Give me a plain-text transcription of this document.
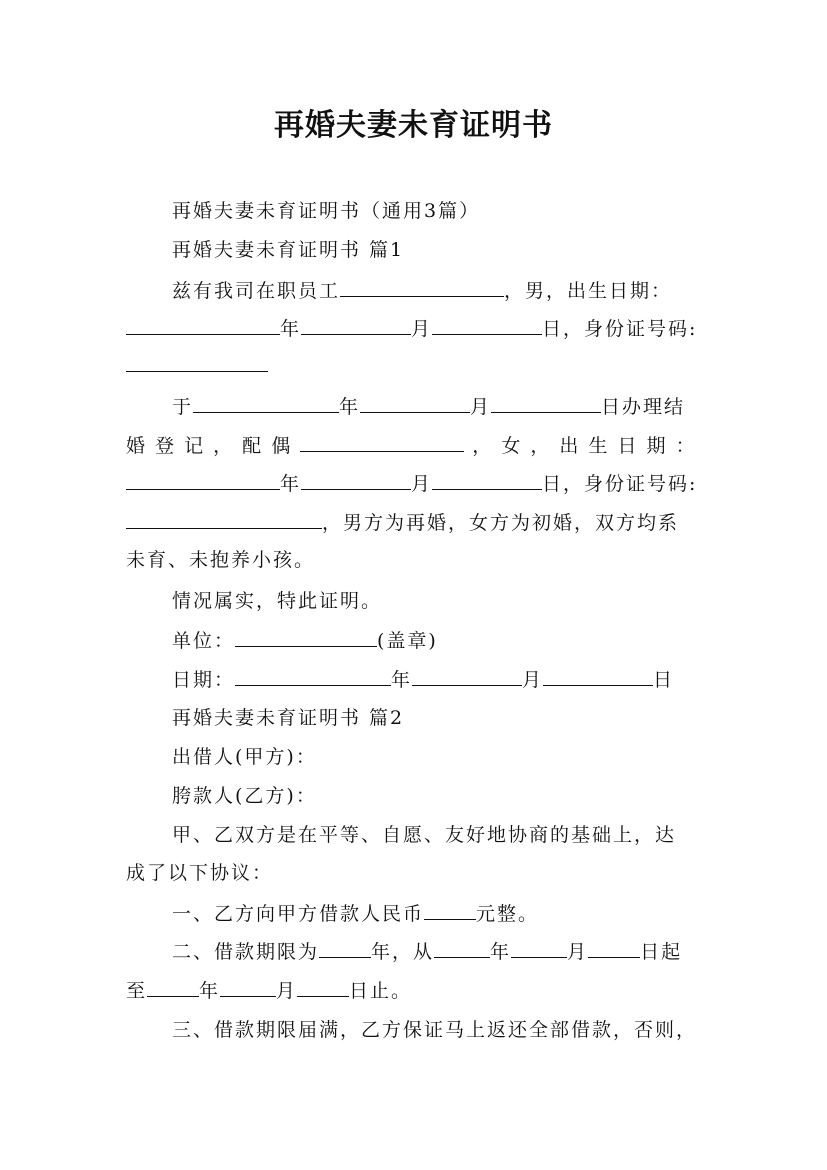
再婚夫妻未育证明书
再婚夫妻未育证明书（通用3篇）
再婚夫妻未育证明书 篇1
兹有我司在职员工	，男，出生日期：
年	月	日，身份证号码:
于	年	月	日办理结
婚 登 记 ， 配 偶	， 女 ， 出 生 日 期 ：
年	月	日，身份证号码:
，男方为再婚，女方为初婚，双方均系
未育、未抱养小孩。
情况属实，特此证明。
单位：	(盖章)
日期：	年	月	日
再婚夫妻未育证明书 篇2
出借人(甲方)：
胯款人(乙方)：
甲、乙双方是在平等、自愿、友好地协商的基础上，达
成了以下协议：
一、乙方向甲方借款人民币	元整。
二、借款期限为	年，从	年	月	日起
至	年	月	日止。
三、借款期限届满，乙方保证马上返还全部借款，否则，
